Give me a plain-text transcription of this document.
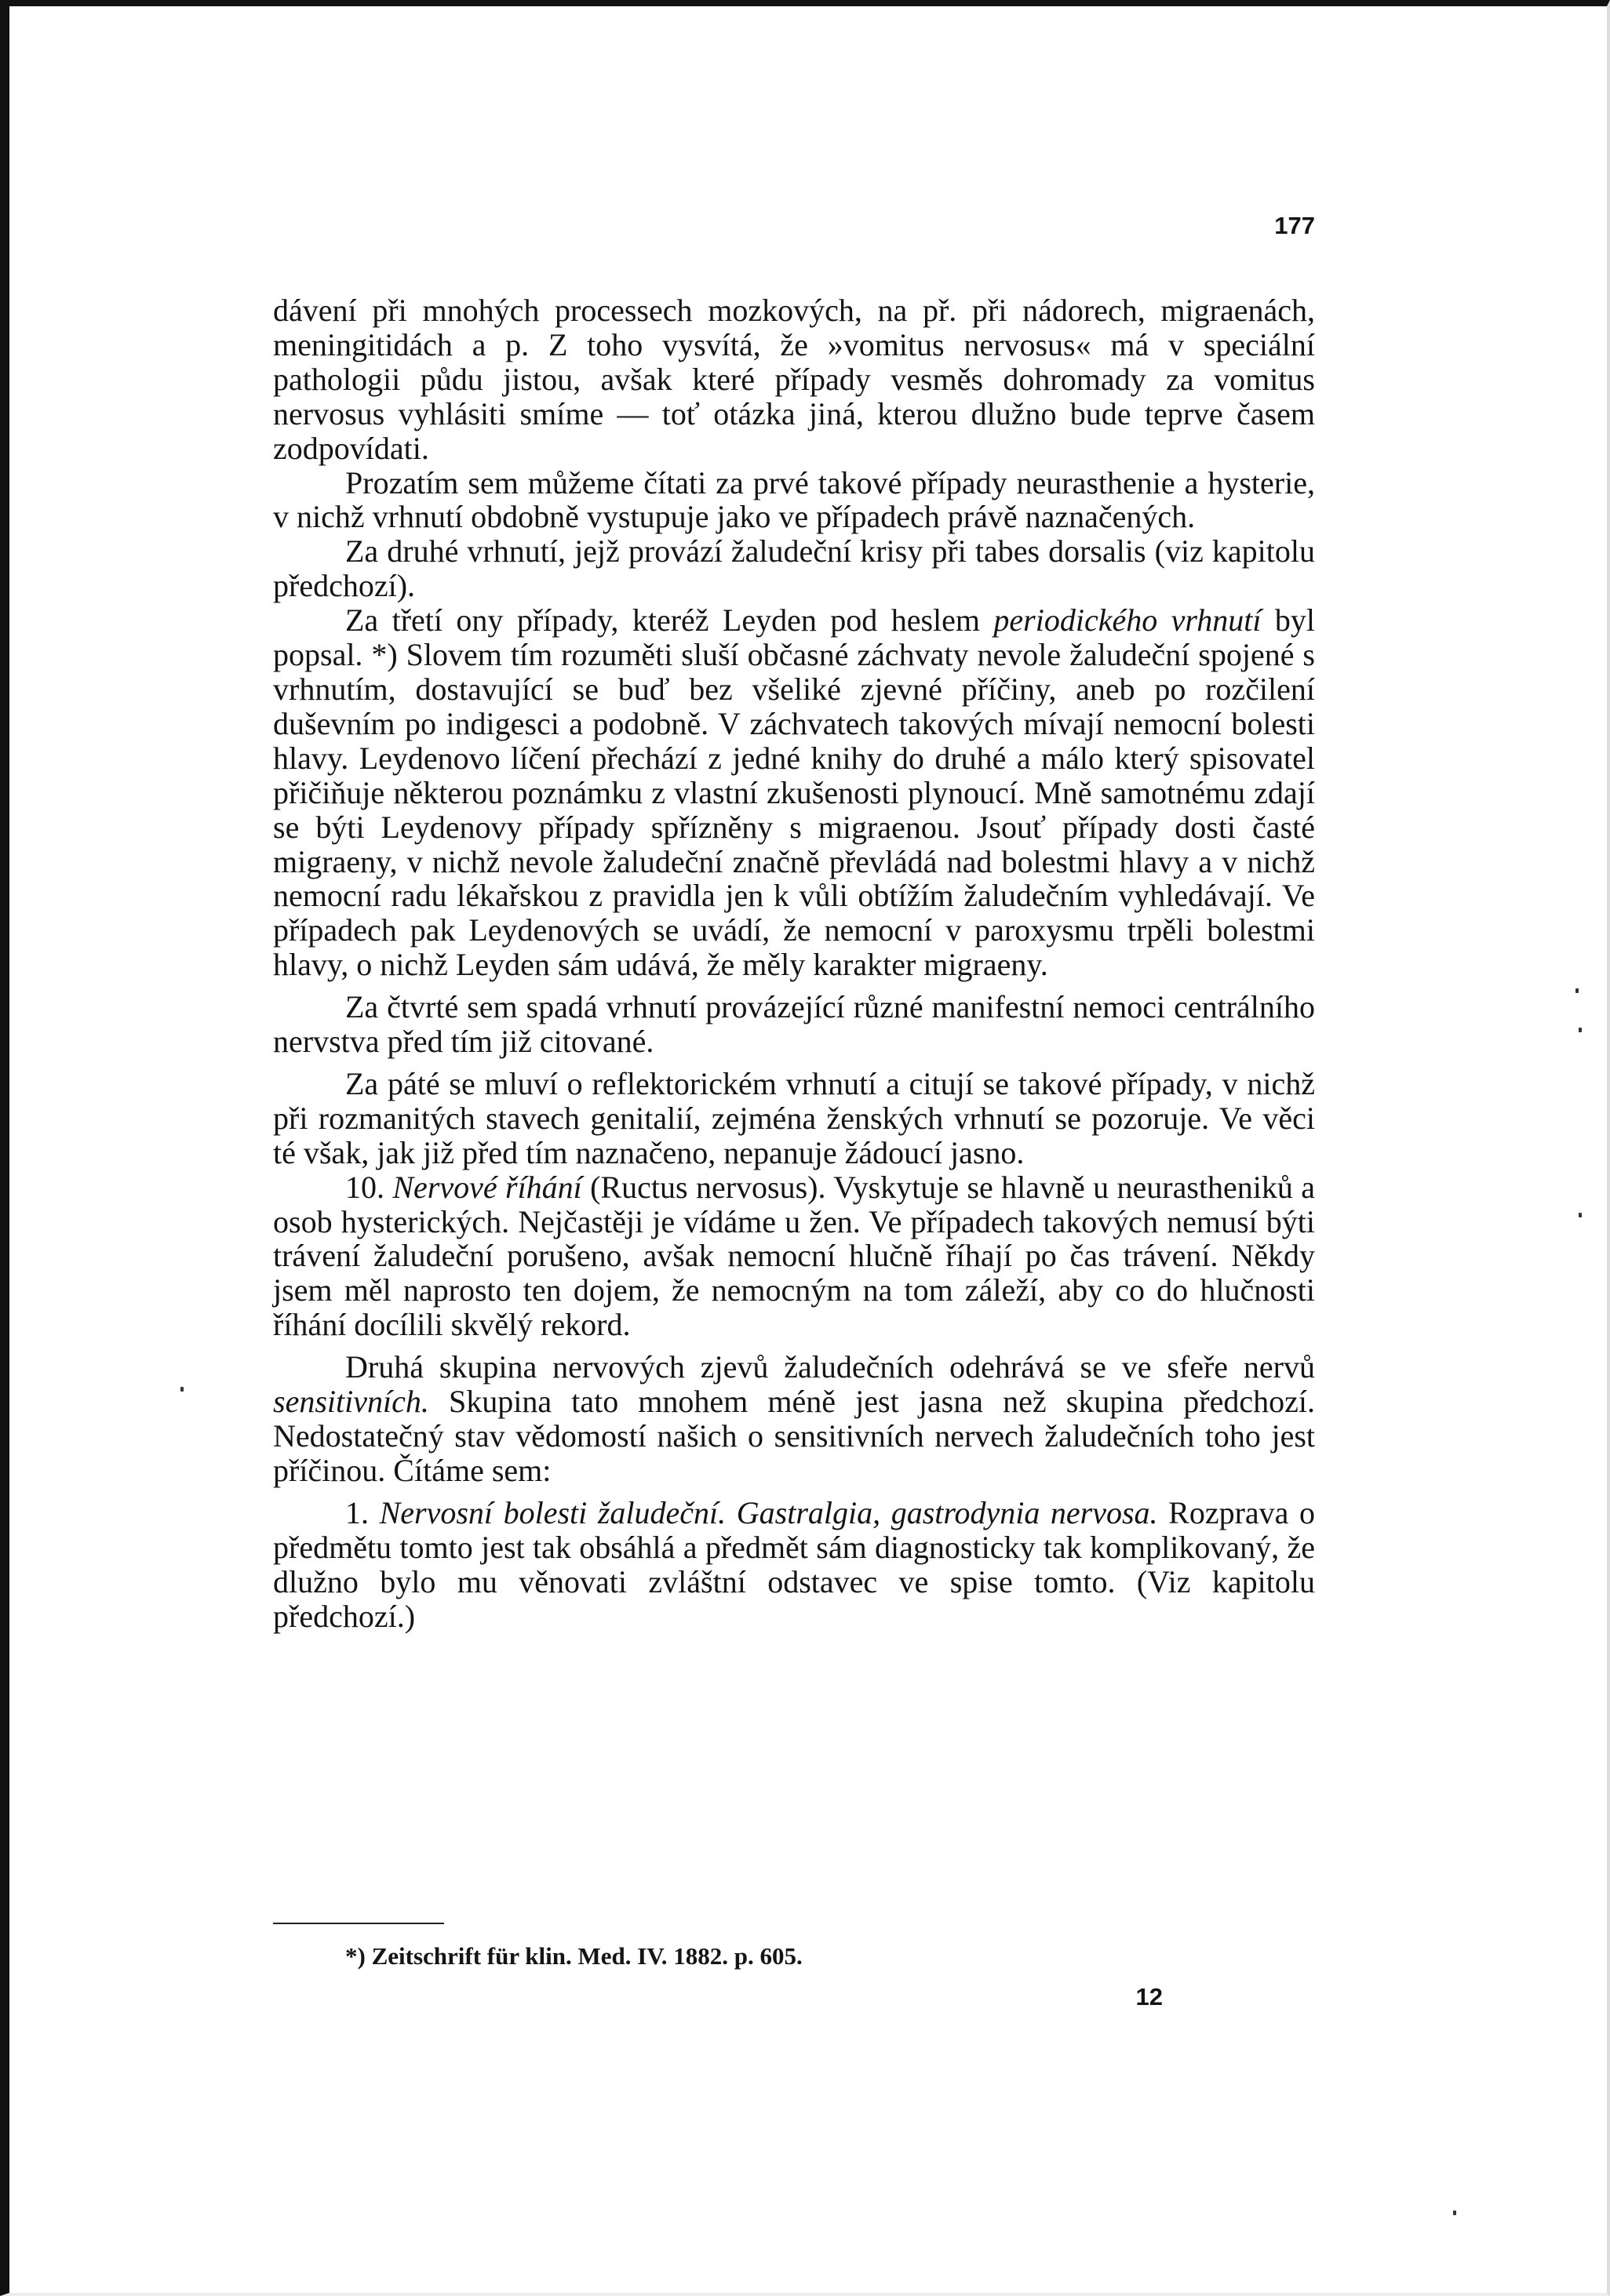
177

dávení při mnohých processech mozkových, na př. při nádorech, migraenách, meningitidách a p. Z toho vysvítá, že »vomitus nervosus« má v speciální pathologii půdu jistou, avšak které případy vesměs dohromady za vomitus nervosus vyhlásiti smíme — toť otázka jiná, kterou dlužno bude teprve časem zodpovídati.

Prozatím sem můžeme čítati za prvé takové případy neurasthenie a hysterie, v nichž vrhnutí obdobně vystupuje jako ve případech právě naznačených.

Za druhé vrhnutí, jejž provází žaludeční krisy při tabes dorsalis (viz kapitolu předchozí).

Za třetí ony případy, kteréž Leyden pod heslem periodického vrhnutí byl popsal. *) Slovem tím rozuměti sluší občasné záchvaty nevole žaludeční spojené s vrhnutím, dostavující se buď bez všeliké zjevné příčiny, aneb po rozčilení duševním po indigesci a podobně. V záchvatech takových mívají nemocní bolesti hlavy. Leydenovo líčení přechází z jedné knihy do druhé a málo který spisovatel přičiňuje některou poznámku z vlastní zkušenosti plynoucí. Mně samotnému zdají se býti Leydenovy případy spřízněny s migraenou. Jsouť případy dosti časté migraeny, v nichž nevole žaludeční značně převládá nad bolestmi hlavy a v nichž nemocní radu lékařskou z pravidla jen k vůli obtížím žaludečním vyhledávají. Ve případech pak Leydenových se uvádí, že nemocní v paroxysmu trpěli bolestmi hlavy, o nichž Leyden sám udává, že měly karakter migraeny.

Za čtvrté sem spadá vrhnutí provázející různé manifestní nemoci centrálního nervstva před tím již citované.

Za páté se mluví o reflektorickém vrhnutí a citují se takové případy, v nichž při rozmanitých stavech genitalií, zejména ženských vrhnutí se pozoruje. Ve věci té však, jak již před tím naznačeno, nepanuje žádoucí jasno.

10. Nervové říhání (Ructus nervosus). Vyskytuje se hlavně u neurastheniků a osob hysterických. Nejčastěji je vídáme u žen. Ve případech takových nemusí býti trávení žaludeční porušeno, avšak nemocní hlučně říhají po čas trávení. Někdy jsem měl naprosto ten dojem, že nemocným na tom záleží, aby co do hlučnosti říhání docílili skvělý rekord.

Druhá skupina nervových zjevů žaludečních odehrává se ve sfeře nervů sensitivních. Skupina tato mnohem méně jest jasna než skupina předchozí. Nedostatečný stav vědomostí našich o sensitivních nervech žaludečních toho jest příčinou. Čítáme sem:

1. Nervosní bolesti žaludeční. Gastralgia, gastrodynia nervosa. Rozprava o předmětu tomto jest tak obsáhlá a předmět sám diagnosticky tak komplikovaný, že dlužno bylo mu věnovati zvláštní odstavec ve spise tomto. (Viz kapitolu předchozí.)

*) Zeitschrift für klin. Med. IV. 1882. p. 605.
12
